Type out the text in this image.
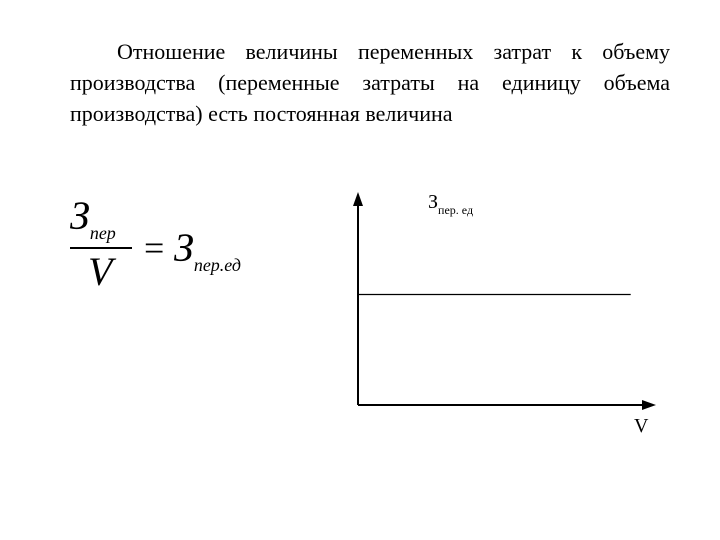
Отношение величины переменных затрат к объему производства (переменные затраты на единицу объема производства) есть постоянная величина

$З_{пер}$
V
= $З_{пер.ед}$
$З_{пер. ед}$
V
